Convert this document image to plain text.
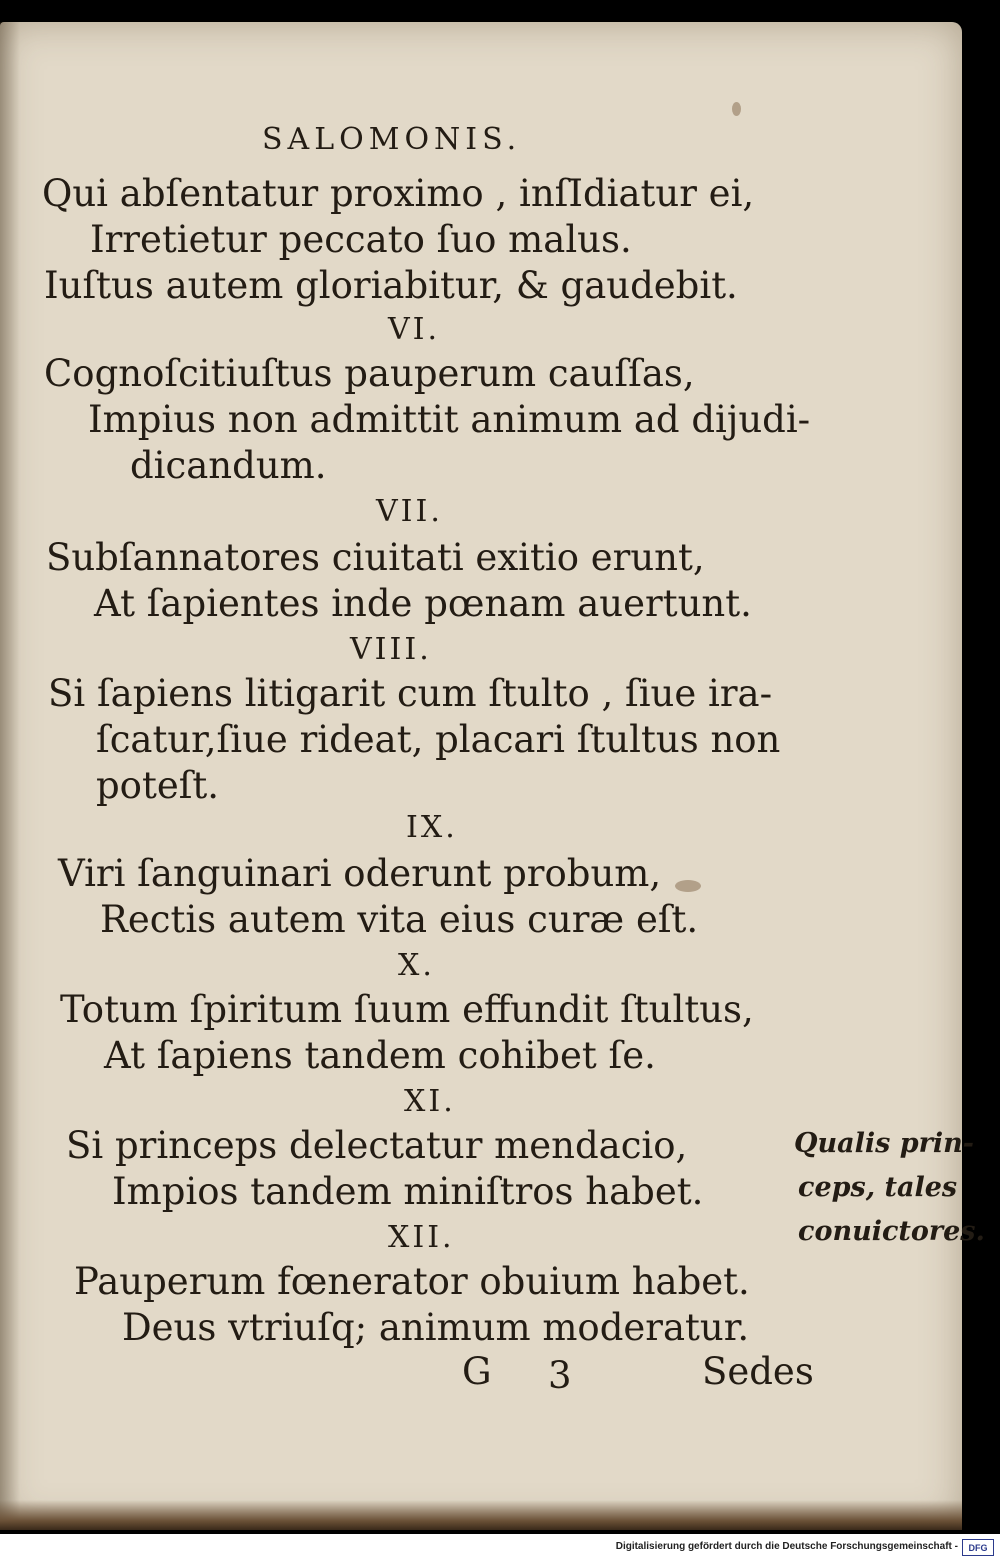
SALOMONIS.
Qui abſentatur proximo , inſIdiatur ei,
Irretietur peccato ſuo malus.
Iuſtus autem gloriabitur, & gaudebit.
VI.
Cognoſcitiuſtus pauperum cauſſas,
Impius non admittit animum ad dijudi-
dicandum.
VII.
Subſannatores ciuitati exitio erunt,
At ſapientes inde pœnam auertunt.
VIII.
Si ſapiens litigarit cum ſtulto , ſiue ira-
ſcatur,ſiue rideat, placari ſtultus non
poteſt.
IX.
Viri ſanguinari oderunt probum,
Rectis autem vita eius curæ eſt.
X.
Totum ſpiritum ſuum effundit ſtultus,
At ſapiens tandem cohibet ſe.
XI.
Si princeps delectatur mendacio,
Impios tandem miniſtros habet.
XII.
Pauperum fœnerator obuium habet.
Deus vtriuſq; animum moderatur.
Qualis prin-
ceps, tales
conuictores.
G 3	Sedes
Digitalisierung gefördert durch die Deutsche Forschungsgemeinschaft -	DFG
